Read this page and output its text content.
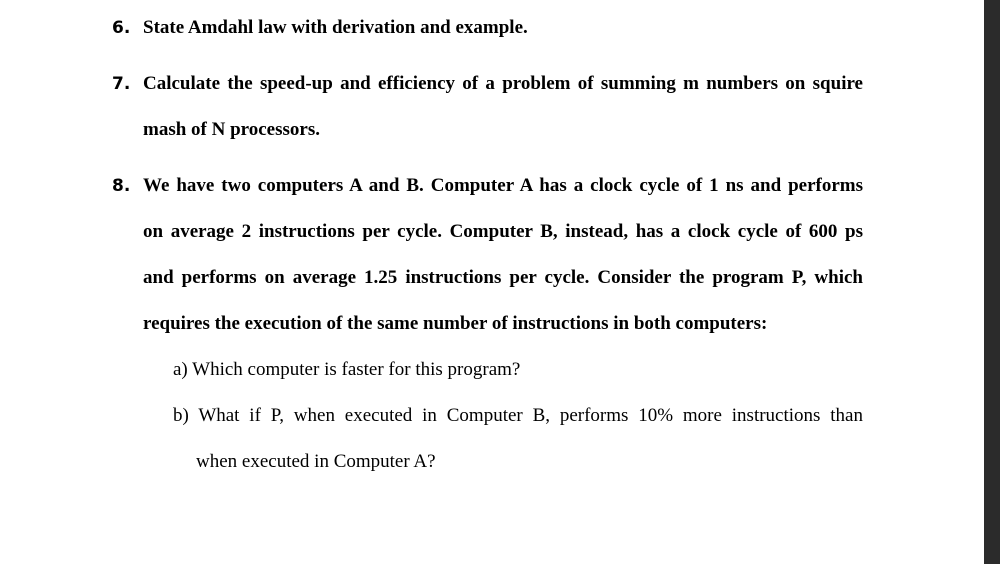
6. State Amdahl law with derivation and example.
7. Calculate the speed-up and efficiency of a problem of summing m numbers on squire
mash of N processors.
8. We have two computers A and B. Computer A has a clock cycle of 1 ns and performs
on average 2 instructions per cycle. Computer B, instead, has a clock cycle of 600 ps
and performs on average 1.25 instructions per cycle. Consider the program P, which
requires the execution of the same number of instructions in both computers:
a) Which computer is faster for this program?
b) What if P, when executed in Computer B, performs 10% more instructions than
when executed in Computer A?
